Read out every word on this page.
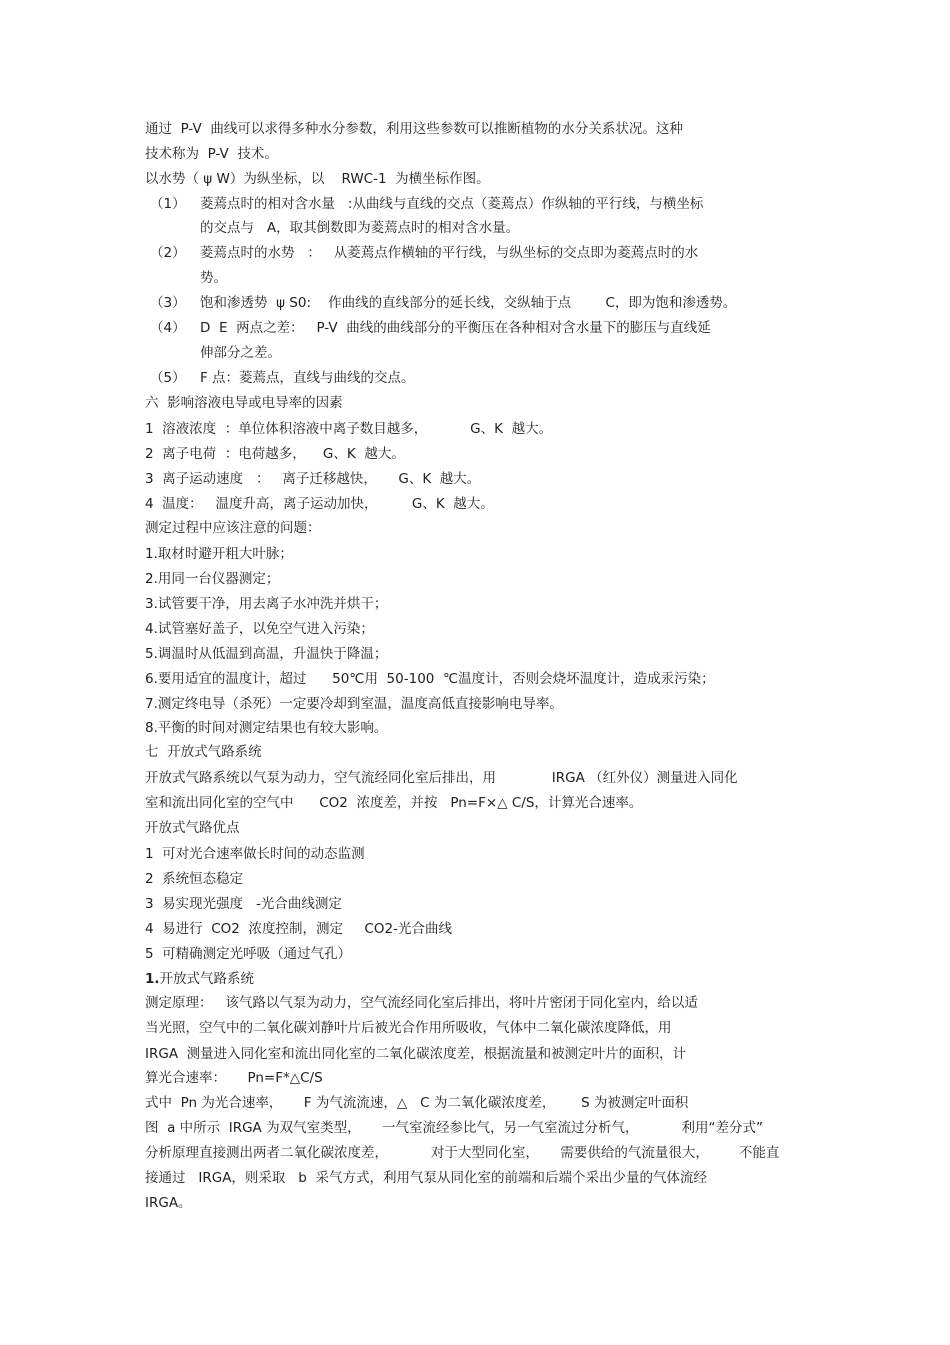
通过  P-V  曲线可以求得多种水分参数，利用这些参数可以推断植物的水分关系状况。这种
技术称为  P-V  技术。
以水势（ ψ W）为纵坐标，以    RWC-1  为横坐标作图。
（1） 菱蔫点时的相对含水量   :从曲线与直线的交点（菱蔫点）作纵轴的平行线，与横坐标
的交点与   A，取其倒数即为菱蔫点时的相对含水量。
（2） 菱蔫点时的水势   ：   从菱蔫点作横轴的平行线，与纵坐标的交点即为菱蔫点时的水
势。
（3） 饱和渗透势  ψ S0:    作曲线的直线部分的延长线，交纵轴于点        C，即为饱和渗透势。
（4） D  E  两点之差：   P-V  曲线的曲线部分的平衡压在各种相对含水量下的膨压与直线延
伸部分之差。
（5） F 点：菱蔫点，直线与曲线的交点。
六  影响溶液电导或电导率的因素
1  溶液浓度  ：单位体积溶液中离子数目越多，          G、K  越大。
2  离子电荷  ：电荷越多，    G、K  越大。
3  离子运动速度   ：   离子迁移越快，     G、K  越大。
4  温度：   温度升高，离子运动加快，        G、K  越大。
测定过程中应该注意的问题：
1.取材时避开粗大叶脉；
2.用同一台仪器测定；
3.试管要干净，用去离子水冲洗并烘干；
4.试管塞好盖子，以免空气进入污染；
5.调温时从低温到高温，升温快于降温；
6.要用适宜的温度计，超过      50℃用  50-100  ℃温度计，否则会烧坏温度计，造成汞污染；
7.测定终电导（杀死）一定要冷却到室温，温度高低直接影响电导率。
8.平衡的时间对测定结果也有较大影响。
七  开放式气路系统
开放式气路系统以气泵为动力，空气流经同化室后排出，用             IRGA （红外仪）测量进入同化
室和流出同化室的空气中      CO2  浓度差，并按   Pn=F×△ C/S，计算光合速率。
开放式气路优点
1  可对光合速率做长时间的动态监测
2  系统恒态稳定
3  易实现光强度   -光合曲线测定
4  易进行  CO2  浓度控制，测定     CO2-光合曲线
5  可精确测定光呼吸（通过气孔）
1.开放式气路系统
测定原理：   该气路以气泵为动力，空气流经同化室后排出，将叶片密闭于同化室内，给以适
当光照，空气中的二氧化碳刘静叶片后被光合作用所吸收，气体中二氧化碳浓度降低，用
IRGA  测量进入同化室和流出同化室的二氧化碳浓度差，根据流量和被测定叶片的面积，计
算光合速率：     Pn=F*△C/S
式中  Pn 为光合速率，     F 为气流流速，△   C 为二氧化碳浓度差，      S 为被测定叶面积
图  a 中所示  IRGA 为双气室类型，     一气室流经参比气，另一气室流过分析气，          利用“差分式”
分析原理直接测出两者二氧化碳浓度差，          对于大型同化室，     需要供给的气流量很大，       不能直
接通过   IRGA，则采取   b  采气方式，利用气泵从同化室的前端和后端个采出少量的气体流经
IRGA。
